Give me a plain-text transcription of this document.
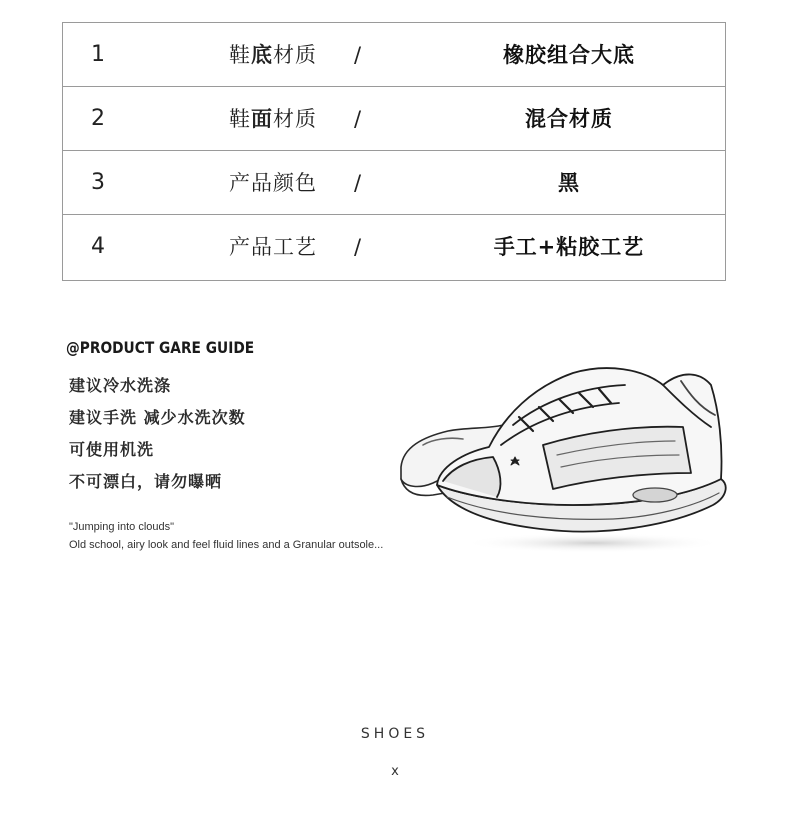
1	鞋底材质 /	橡胶组合大底
2	鞋面材质 /	混合材质
3	产品颜色 /	黑
4	产品工艺 /	手工+粘胶工艺
@PRODUCT GARE GUIDE
建议冷水洗涤
建议手洗 减少水洗次数
可使用机洗
不可漂白，请勿曝晒
"Jumping into clouds"
Old school, airy look and feel fluid lines and a Granular outsole...
SHOES
x
